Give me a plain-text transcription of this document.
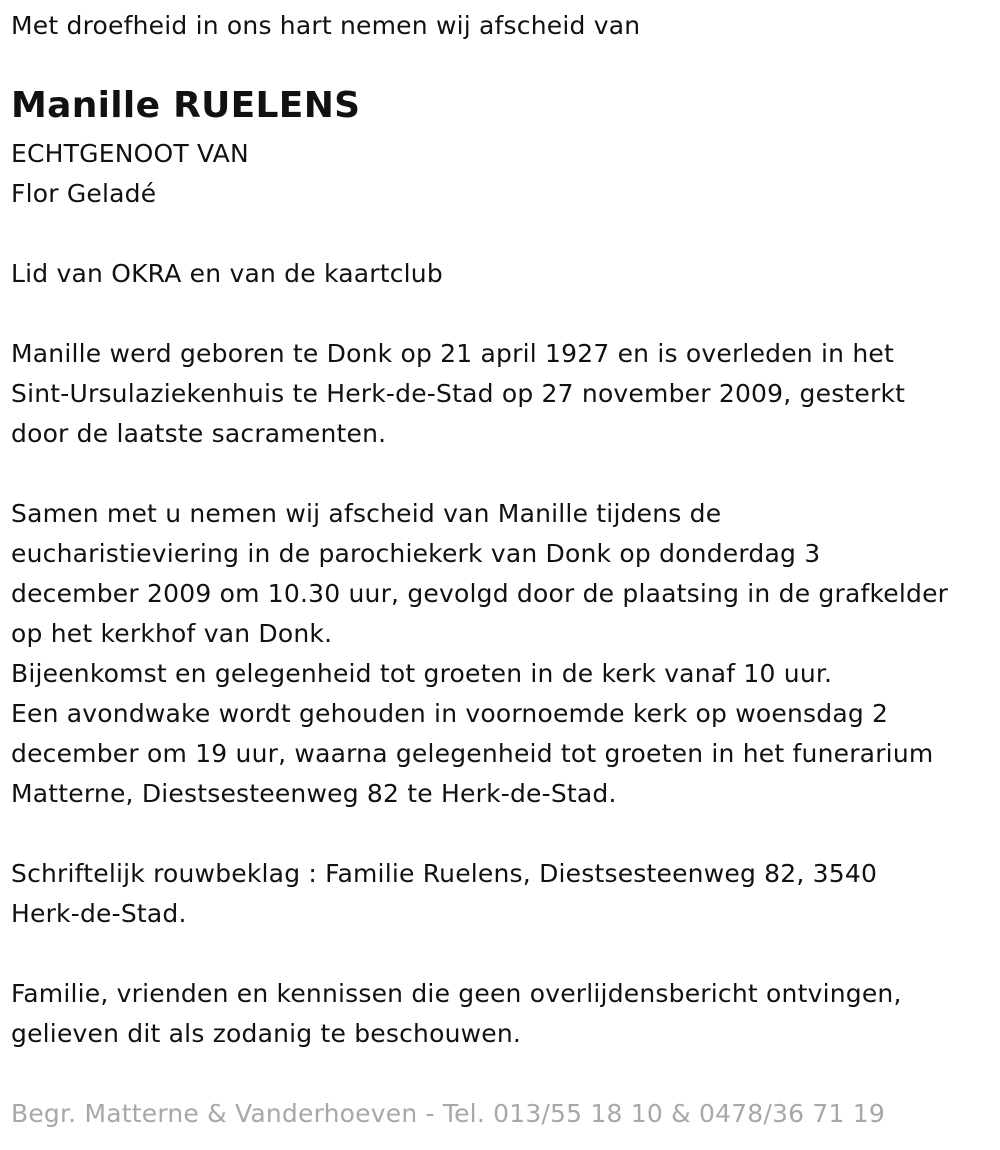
Met droefheid in ons hart nemen wij afscheid van
Manille RUELENS
ECHTGENOOT VAN
Flor Geladé
Lid van OKRA en van de kaartclub
Manille werd geboren te Donk op 21 april 1927 en is overleden in het
Sint-Ursulaziekenhuis te Herk-de-Stad op 27 november 2009, gesterkt
door de laatste sacramenten.
Samen met u nemen wij afscheid van Manille tijdens de
eucharistieviering in de parochiekerk van Donk op donderdag 3
december 2009 om 10.30 uur, gevolgd door de plaatsing in de grafkelder
op het kerkhof van Donk.
Bijeenkomst en gelegenheid tot groeten in de kerk vanaf 10 uur.
Een avondwake wordt gehouden in voornoemde kerk op woensdag 2
december om 19 uur, waarna gelegenheid tot groeten in het funerarium
Matterne, Diestsesteenweg 82 te Herk-de-Stad.
Schriftelijk rouwbeklag : Familie Ruelens, Diestsesteenweg 82, 3540
Herk-de-Stad.
Familie, vrienden en kennissen die geen overlijdensbericht ontvingen,
gelieven dit als zodanig te beschouwen.
Begr. Matterne & Vanderhoeven - Tel. 013/55 18 10 & 0478/36 71 19
